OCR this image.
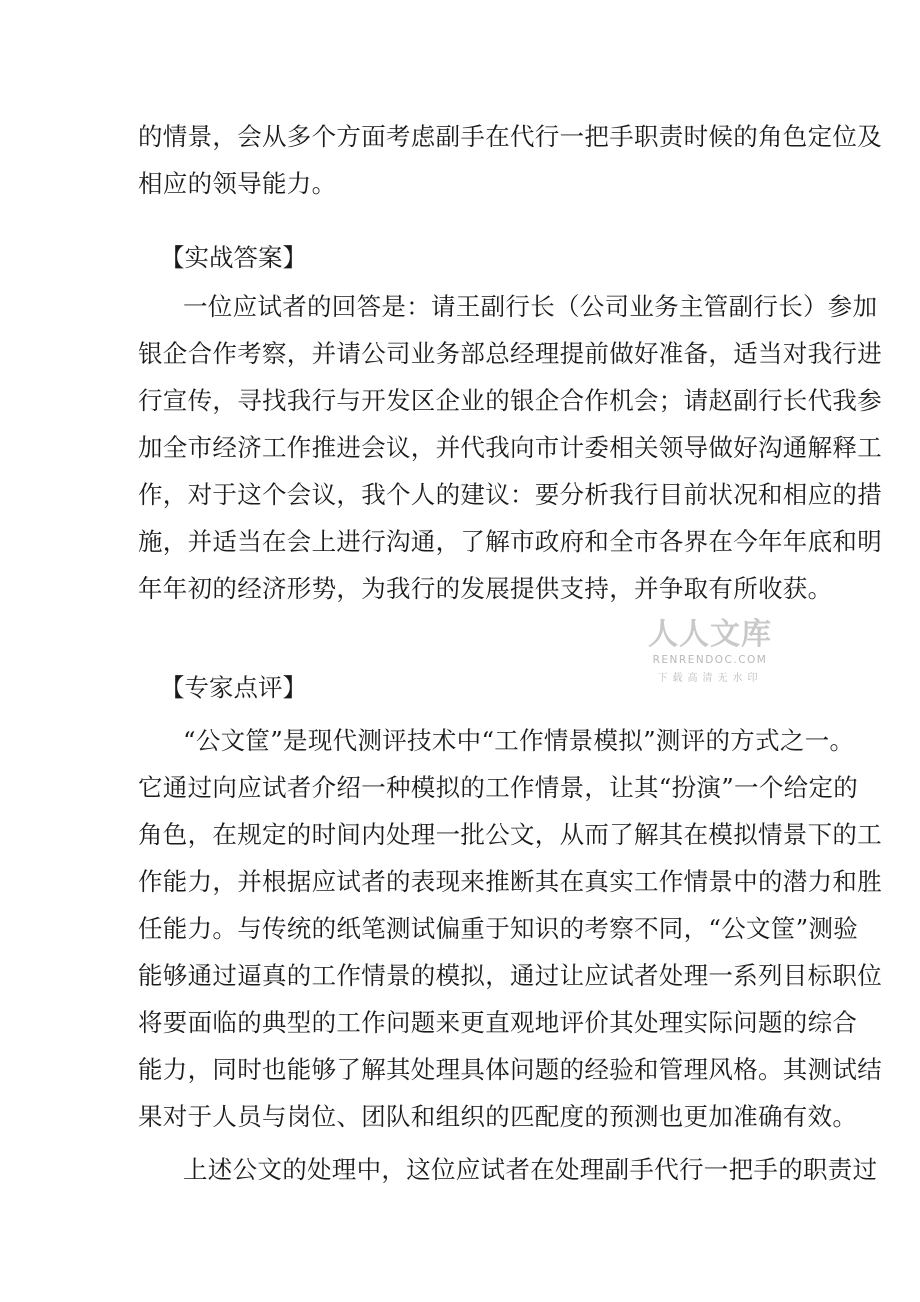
的情景，会从多个方面考虑副手在代行一把手职责时候的角色定位及
相应的领导能力。
【实战答案】
一位应试者的回答是：请王副行长（公司业务主管副行长）参加
银企合作考察，并请公司业务部总经理提前做好准备，适当对我行进
行宣传，寻找我行与开发区企业的银企合作机会；请赵副行长代我参
加全市经济工作推进会议，并代我向市计委相关领导做好沟通解释工
作，对于这个会议，我个人的建议：要分析我行目前状况和相应的措
施，并适当在会上进行沟通，了解市政府和全市各界在今年年底和明
年年初的经济形势，为我行的发展提供支持，并争取有所收获。
人人文库
RENRENDOC.COM
下载高清无水印
【专家点评】
“公文筐”是现代测评技术中“工作情景模拟”测评的方式之一。
它通过向应试者介绍一种模拟的工作情景，让其“扮演”一个给定的
角色，在规定的时间内处理一批公文，从而了解其在模拟情景下的工
作能力，并根据应试者的表现来推断其在真实工作情景中的潜力和胜
任能力。与传统的纸笔测试偏重于知识的考察不同，“公文筐”测验
能够通过逼真的工作情景的模拟，通过让应试者处理一系列目标职位
将要面临的典型的工作问题来更直观地评价其处理实际问题的综合
能力，同时也能够了解其处理具体问题的经验和管理风格。其测试结
果对于人员与岗位、团队和组织的匹配度的预测也更加准确有效。
上述公文的处理中，这位应试者在处理副手代行一把手的职责过
